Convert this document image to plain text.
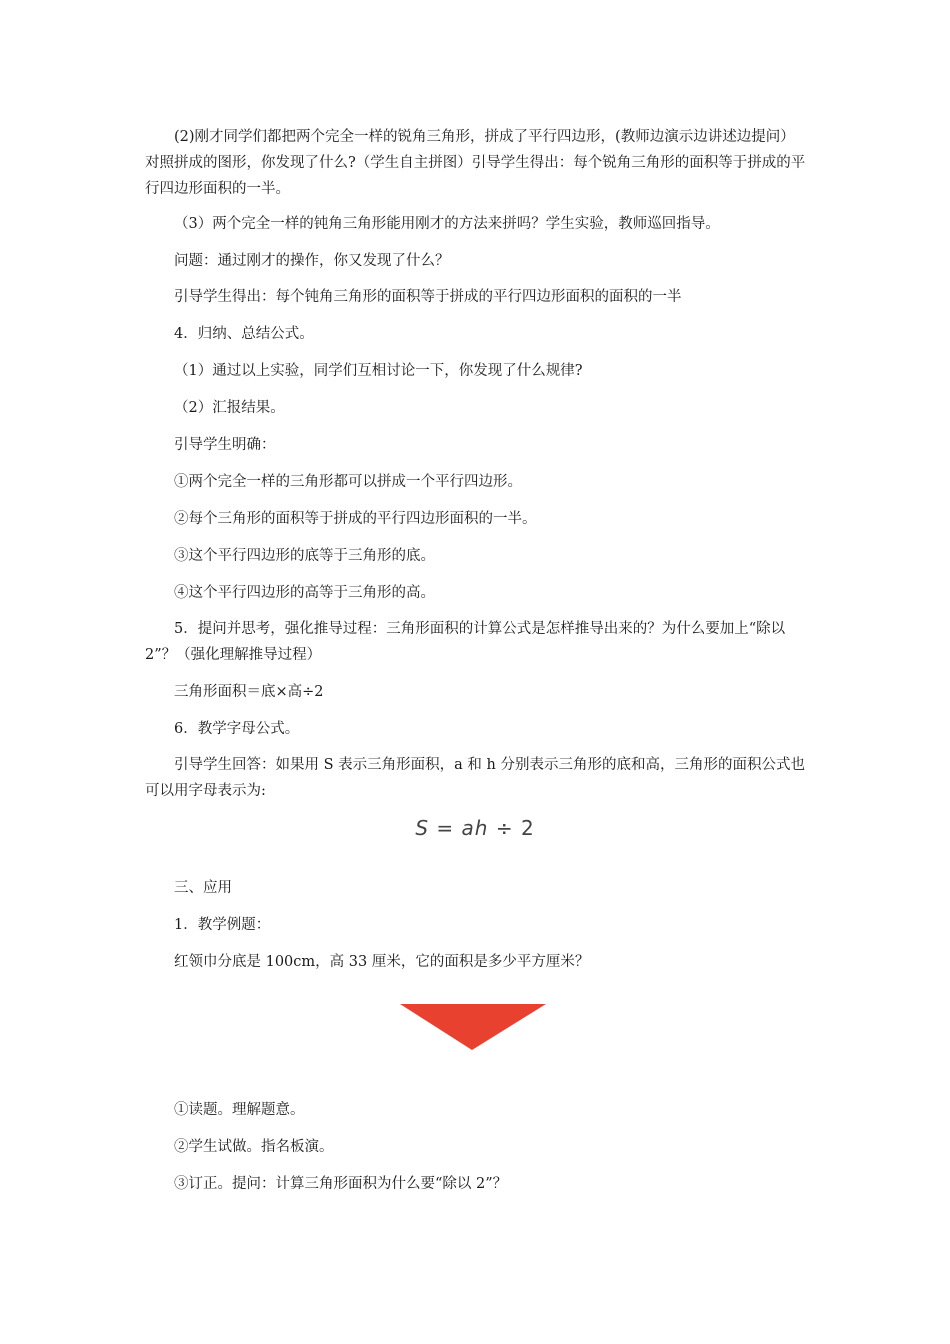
(2)刚才同学们都把两个完全一样的锐角三角形，拼成了平行四边形，(教师边演示边讲述边提问）对照拼成的图形，你发现了什么?（学生自主拼图）引导学生得出：每个锐角三角形的面积等于拼成的平行四边形面积的一半。
（3）两个完全一样的钝角三角形能用刚才的方法来拼吗？学生实验，教师巡回指导。
问题：通过刚才的操作，你又发现了什么？
引导学生得出：每个钝角三角形的面积等于拼成的平行四边形面积的面积的一半
4．归纳、总结公式。
（1）通过以上实验，同学们互相讨论一下，你发现了什么规律?
（2）汇报结果。
引导学生明确：
①两个完全一样的三角形都可以拼成一个平行四边形。
②每个三角形的面积等于拼成的平行四边形面积的一半。
③这个平行四边形的底等于三角形的底。
④这个平行四边形的高等于三角形的高。
5．提问并思考，强化推导过程：三角形面积的计算公式是怎样推导出来的？为什么要加上“除以 2”？（强化理解推导过程）
三角形面积＝底×高÷2
6．教学字母公式。
引导学生回答：如果用 S 表示三角形面积，a 和 h 分别表示三角形的底和高，三角形的面积公式也可以用字母表示为:
S = ah ÷ 2
三、应用
1．教学例题：
红领巾分底是 100cm，高 33 厘米，它的面积是多少平方厘米？
①读题。理解题意。
②学生试做。指名板演。
③订正。提问：计算三角形面积为什么要“除以 2”？
